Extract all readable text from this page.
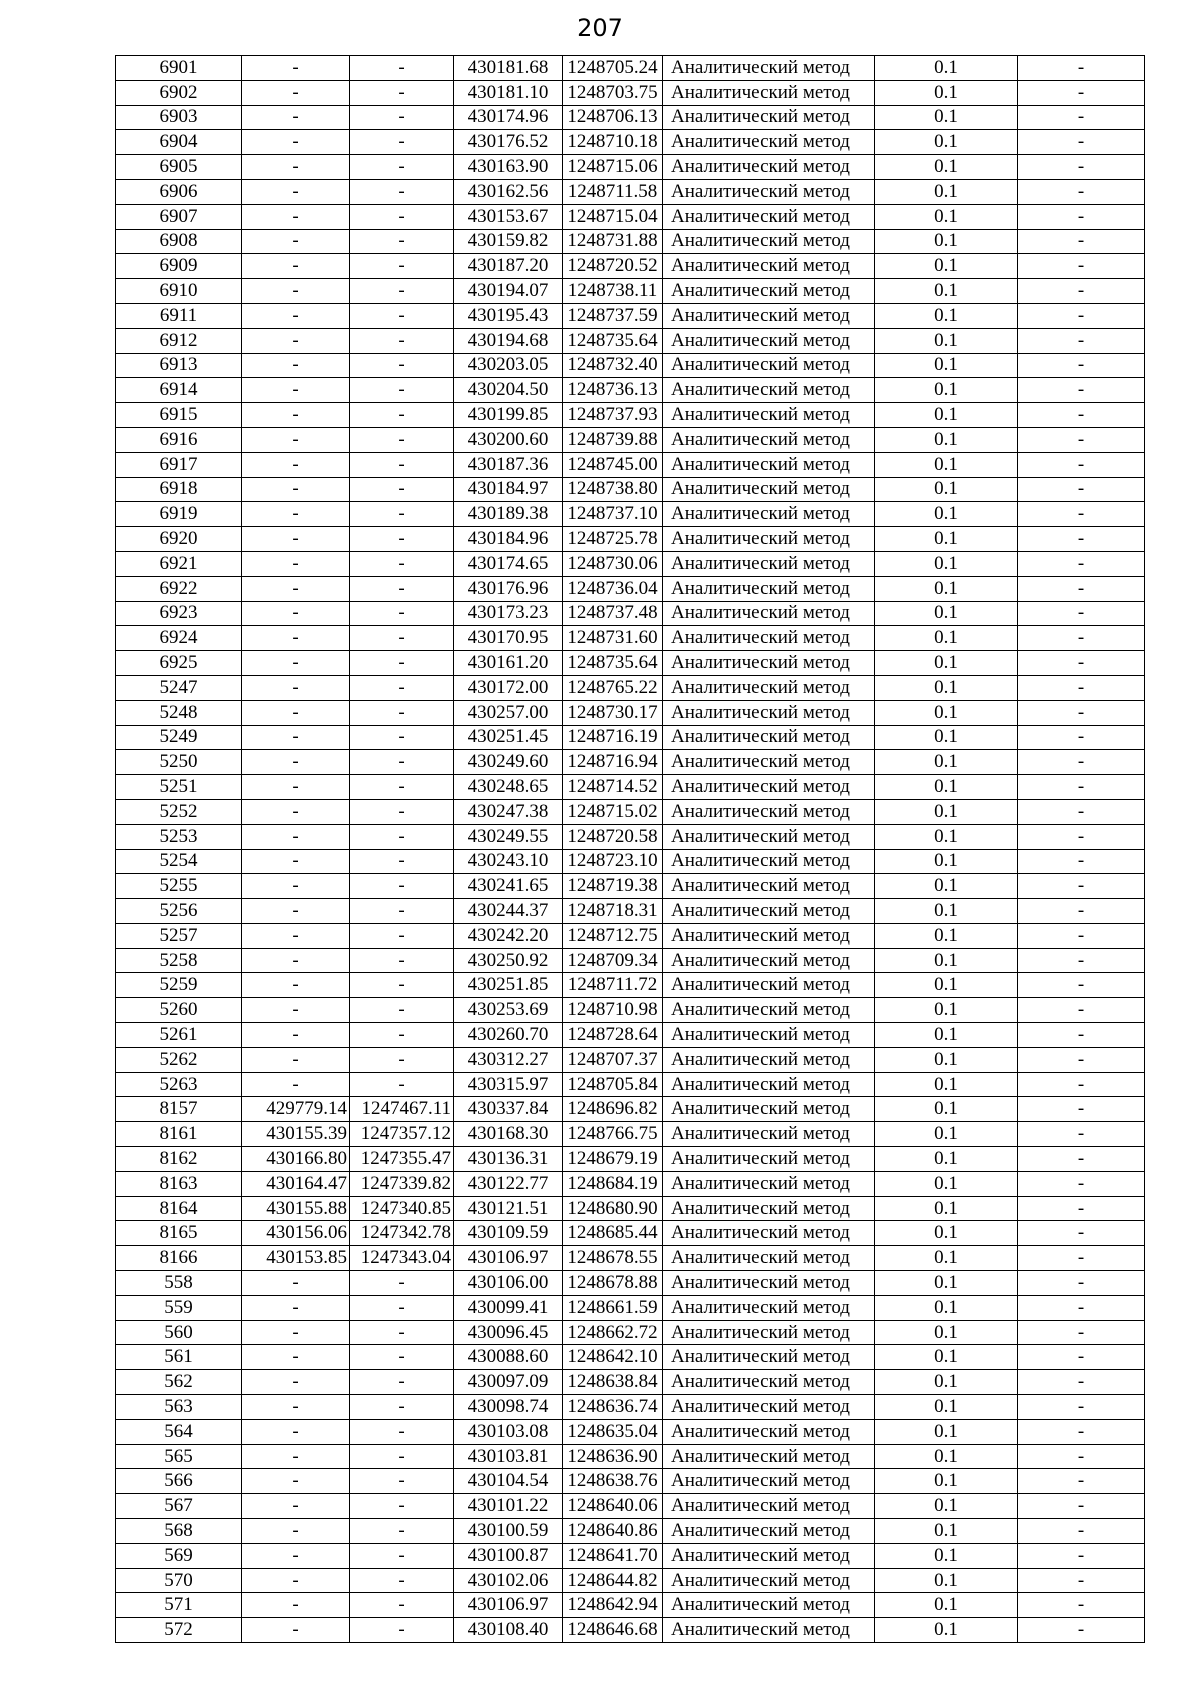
207
6901	-	-	430181.68	1248705.24	Аналитический метод	0.1	-
6902	-	-	430181.10	1248703.75	Аналитический метод	0.1	-
6903	-	-	430174.96	1248706.13	Аналитический метод	0.1	-
6904	-	-	430176.52	1248710.18	Аналитический метод	0.1	-
6905	-	-	430163.90	1248715.06	Аналитический метод	0.1	-
6906	-	-	430162.56	1248711.58	Аналитический метод	0.1	-
6907	-	-	430153.67	1248715.04	Аналитический метод	0.1	-
6908	-	-	430159.82	1248731.88	Аналитический метод	0.1	-
6909	-	-	430187.20	1248720.52	Аналитический метод	0.1	-
6910	-	-	430194.07	1248738.11	Аналитический метод	0.1	-
6911	-	-	430195.43	1248737.59	Аналитический метод	0.1	-
6912	-	-	430194.68	1248735.64	Аналитический метод	0.1	-
6913	-	-	430203.05	1248732.40	Аналитический метод	0.1	-
6914	-	-	430204.50	1248736.13	Аналитический метод	0.1	-
6915	-	-	430199.85	1248737.93	Аналитический метод	0.1	-
6916	-	-	430200.60	1248739.88	Аналитический метод	0.1	-
6917	-	-	430187.36	1248745.00	Аналитический метод	0.1	-
6918	-	-	430184.97	1248738.80	Аналитический метод	0.1	-
6919	-	-	430189.38	1248737.10	Аналитический метод	0.1	-
6920	-	-	430184.96	1248725.78	Аналитический метод	0.1	-
6921	-	-	430174.65	1248730.06	Аналитический метод	0.1	-
6922	-	-	430176.96	1248736.04	Аналитический метод	0.1	-
6923	-	-	430173.23	1248737.48	Аналитический метод	0.1	-
6924	-	-	430170.95	1248731.60	Аналитический метод	0.1	-
6925	-	-	430161.20	1248735.64	Аналитический метод	0.1	-
5247	-	-	430172.00	1248765.22	Аналитический метод	0.1	-
5248	-	-	430257.00	1248730.17	Аналитический метод	0.1	-
5249	-	-	430251.45	1248716.19	Аналитический метод	0.1	-
5250	-	-	430249.60	1248716.94	Аналитический метод	0.1	-
5251	-	-	430248.65	1248714.52	Аналитический метод	0.1	-
5252	-	-	430247.38	1248715.02	Аналитический метод	0.1	-
5253	-	-	430249.55	1248720.58	Аналитический метод	0.1	-
5254	-	-	430243.10	1248723.10	Аналитический метод	0.1	-
5255	-	-	430241.65	1248719.38	Аналитический метод	0.1	-
5256	-	-	430244.37	1248718.31	Аналитический метод	0.1	-
5257	-	-	430242.20	1248712.75	Аналитический метод	0.1	-
5258	-	-	430250.92	1248709.34	Аналитический метод	0.1	-
5259	-	-	430251.85	1248711.72	Аналитический метод	0.1	-
5260	-	-	430253.69	1248710.98	Аналитический метод	0.1	-
5261	-	-	430260.70	1248728.64	Аналитический метод	0.1	-
5262	-	-	430312.27	1248707.37	Аналитический метод	0.1	-
5263	-	-	430315.97	1248705.84	Аналитический метод	0.1	-
8157	429779.14	1247467.11	430337.84	1248696.82	Аналитический метод	0.1	-
8161	430155.39	1247357.12	430168.30	1248766.75	Аналитический метод	0.1	-
8162	430166.80	1247355.47	430136.31	1248679.19	Аналитический метод	0.1	-
8163	430164.47	1247339.82	430122.77	1248684.19	Аналитический метод	0.1	-
8164	430155.88	1247340.85	430121.51	1248680.90	Аналитический метод	0.1	-
8165	430156.06	1247342.78	430109.59	1248685.44	Аналитический метод	0.1	-
8166	430153.85	1247343.04	430106.97	1248678.55	Аналитический метод	0.1	-
558	-	-	430106.00	1248678.88	Аналитический метод	0.1	-
559	-	-	430099.41	1248661.59	Аналитический метод	0.1	-
560	-	-	430096.45	1248662.72	Аналитический метод	0.1	-
561	-	-	430088.60	1248642.10	Аналитический метод	0.1	-
562	-	-	430097.09	1248638.84	Аналитический метод	0.1	-
563	-	-	430098.74	1248636.74	Аналитический метод	0.1	-
564	-	-	430103.08	1248635.04	Аналитический метод	0.1	-
565	-	-	430103.81	1248636.90	Аналитический метод	0.1	-
566	-	-	430104.54	1248638.76	Аналитический метод	0.1	-
567	-	-	430101.22	1248640.06	Аналитический метод	0.1	-
568	-	-	430100.59	1248640.86	Аналитический метод	0.1	-
569	-	-	430100.87	1248641.70	Аналитический метод	0.1	-
570	-	-	430102.06	1248644.82	Аналитический метод	0.1	-
571	-	-	430106.97	1248642.94	Аналитический метод	0.1	-
572	-	-	430108.40	1248646.68	Аналитический метод	0.1	-
